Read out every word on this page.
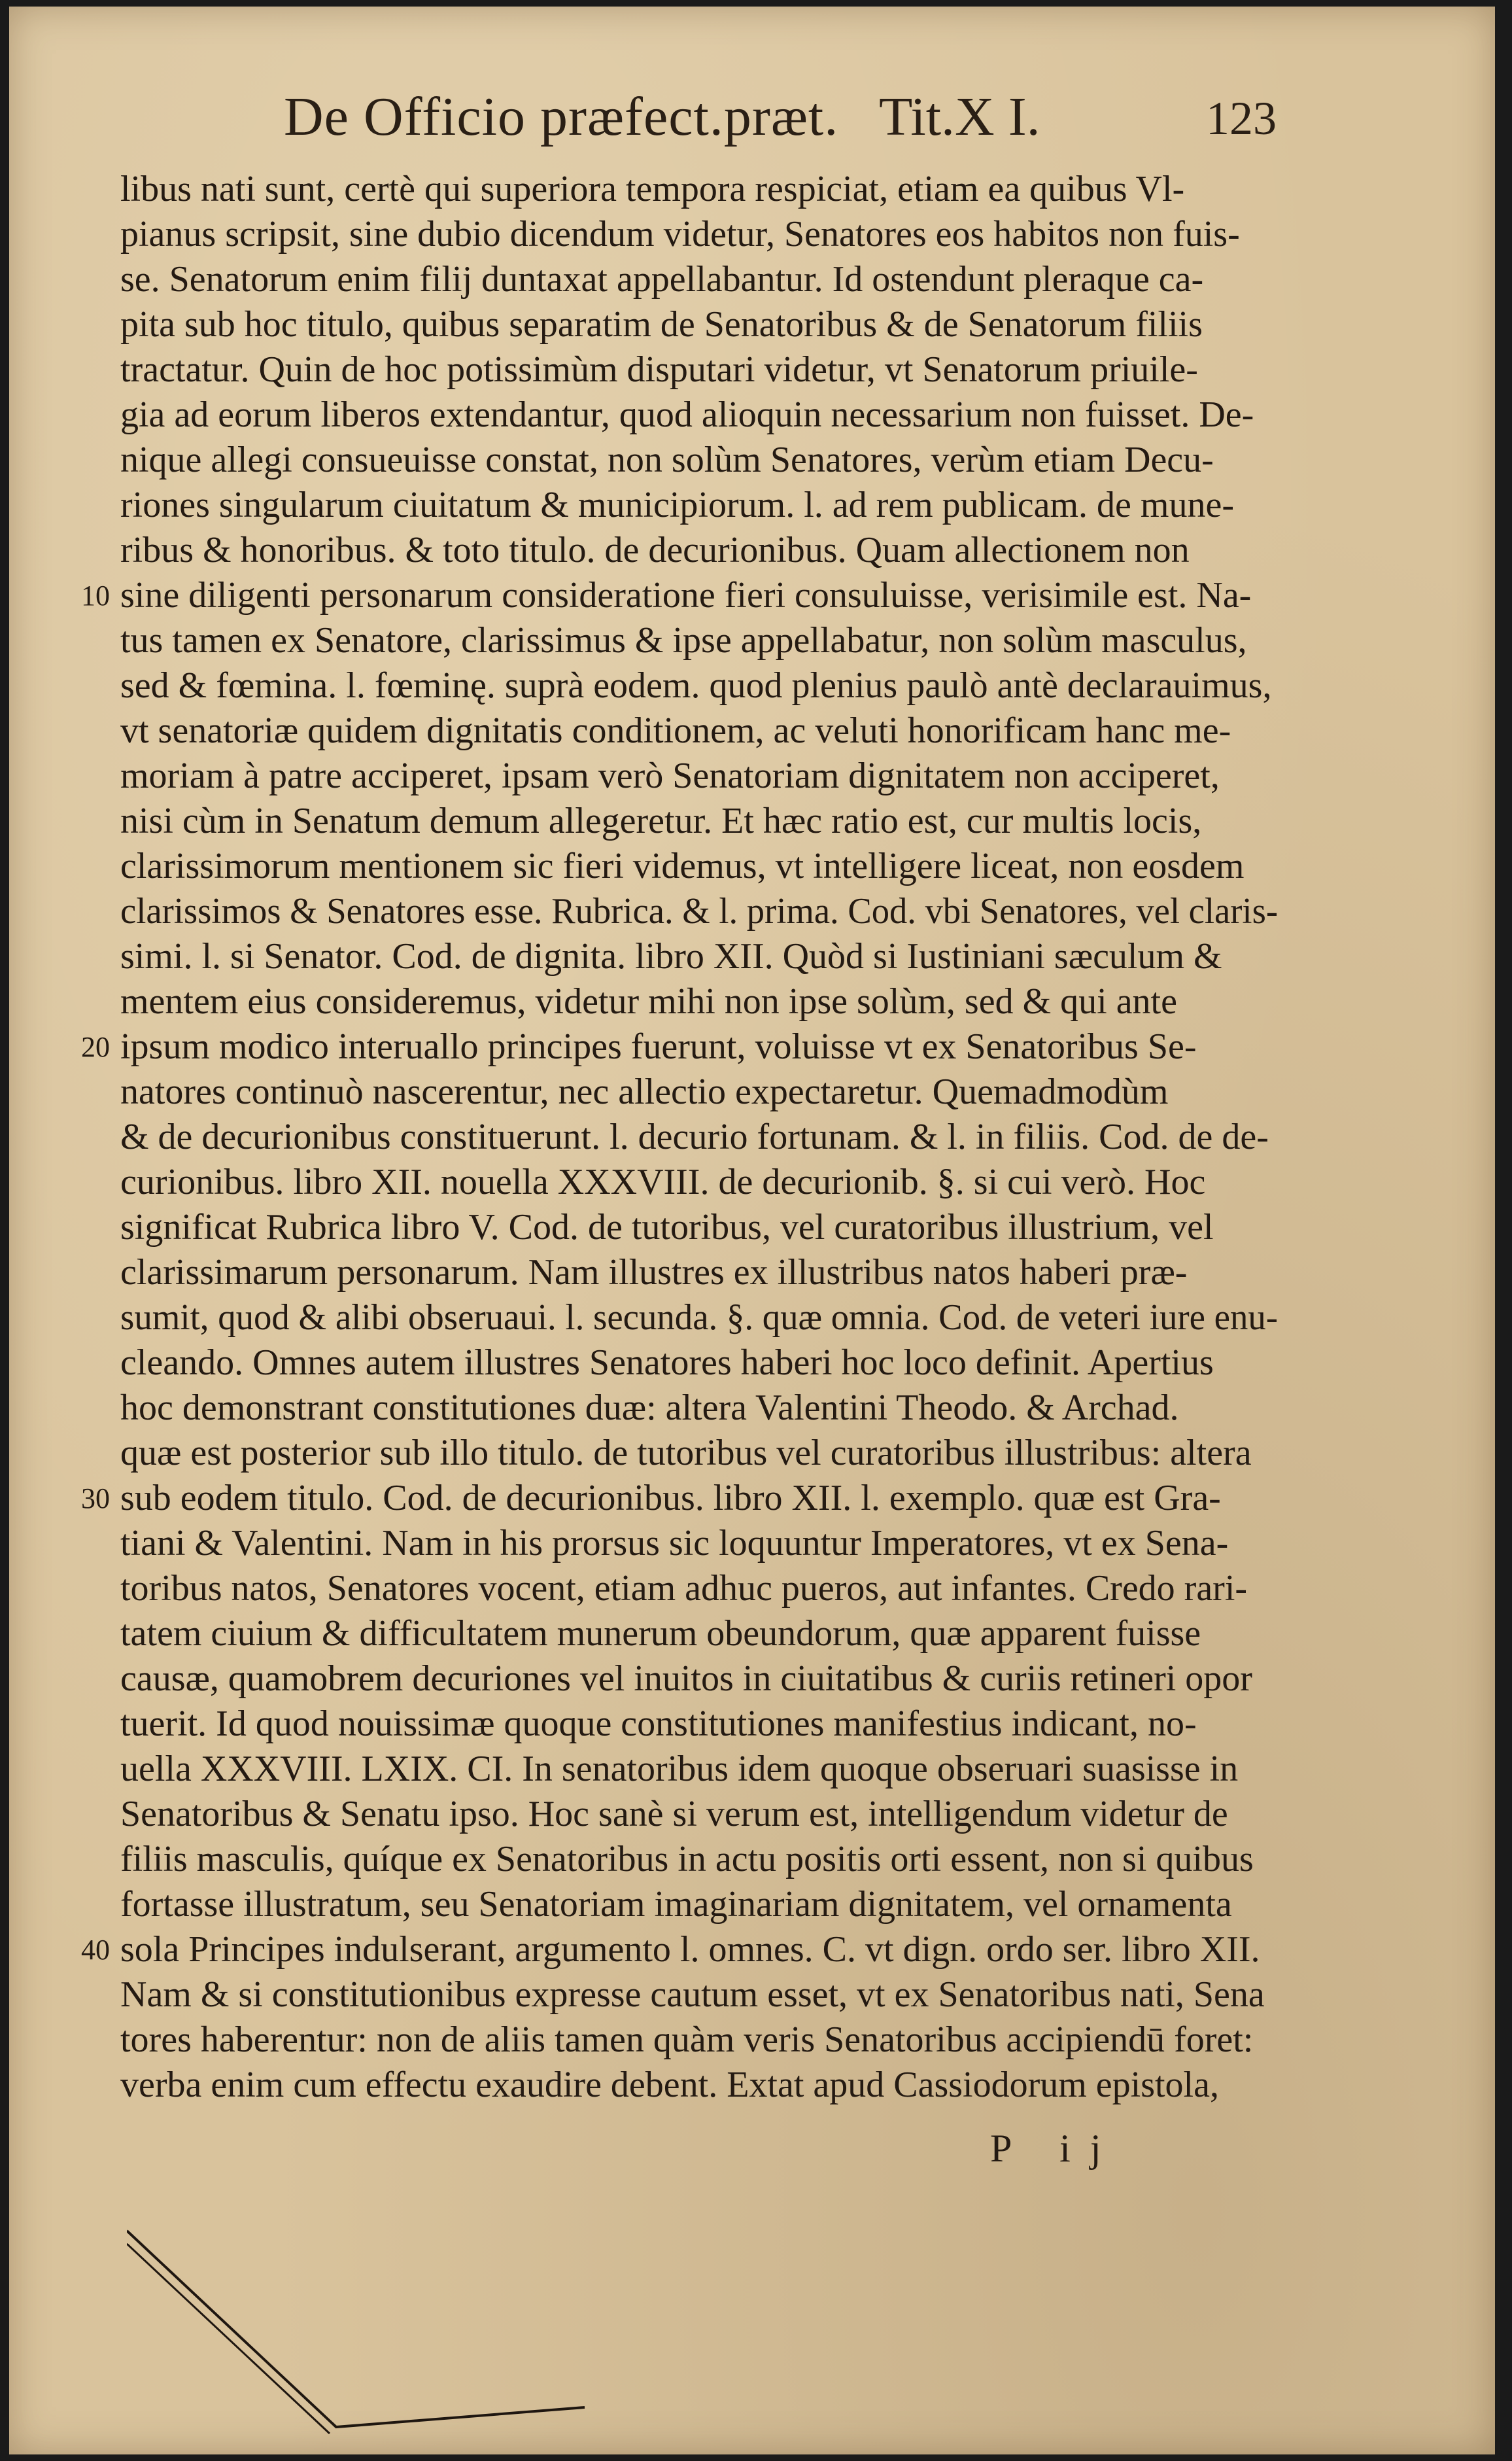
De Officio præfect.præt. Tit.X I.	123
libus nati sunt, certè qui superiora tempora respiciat, etiam ea quibus Vl-
pianus scripsit, sine dubio dicendum videtur, Senatores eos habitos non fuis-
se. Senatorum enim filij duntaxat appellabantur. Id ostendunt pleraque ca-
pita sub hoc titulo, quibus separatim de Senatoribus & de Senatorum filiis
tractatur. Quin de hoc potissimùm disputari videtur, vt Senatorum priuile-
gia ad eorum liberos extendantur, quod alioquin necessarium non fuisset. De-
nique allegi consueuisse constat, non solùm Senatores, verùm etiam Decu-
riones singularum ciuitatum & municipiorum. l. ad rem publicam. de mune-
ribus & honoribus. & toto titulo. de decurionibus. Quam allectionem non
10 sine diligenti personarum consideratione fieri consuluisse, verisimile est. Na-
tus tamen ex Senatore, clarissimus & ipse appellabatur, non solùm masculus,
sed & fœmina. l. fœminę. suprà eodem. quod plenius paulò antè declarauimus,
vt senatoriæ quidem dignitatis conditionem, ac veluti honorificam hanc me-
moriam à patre acciperet, ipsam verò Senatoriam dignitatem non acciperet,
nisi cùm in Senatum demum allegeretur. Et hæc ratio est, cur multis locis,
clarissimorum mentionem sic fieri videmus, vt intelligere liceat, non eosdem
clarissimos & Senatores esse. Rubrica. & l. prima. Cod. vbi Senatores, vel claris-
simi. l. si Senator. Cod. de dignita. libro XII. Quòd si Iustiniani sæculum &
mentem eius consideremus, videtur mihi non ipse solùm, sed & qui ante
20 ipsum modico interuallo principes fuerunt, voluisse vt ex Senatoribus Se-
natores continuò nascerentur, nec allectio expectaretur. Quemadmodùm
& de decurionibus constituerunt. l. decurio fortunam. & l. in filiis. Cod. de de-
curionibus. libro XII. nouella XXXVIII. de decurionib. §. si cui verò. Hoc
significat Rubrica libro V. Cod. de tutoribus, vel curatoribus illustrium, vel
clarissimarum personarum. Nam illustres ex illustribus natos haberi præ-
sumit, quod & alibi obseruaui. l. secunda. §. quæ omnia. Cod. de veteri iure enu-
cleando. Omnes autem illustres Senatores haberi hoc loco definit. Apertius
hoc demonstrant constitutiones duæ: altera Valentini Theodo. & Archad.
quæ est posterior sub illo titulo. de tutoribus vel curatoribus illustribus: altera
30 sub eodem titulo. Cod. de decurionibus. libro XII. l. exemplo. quæ est Gra-
tiani & Valentini. Nam in his prorsus sic loquuntur Imperatores, vt ex Sena-
toribus natos, Senatores vocent, etiam adhuc pueros, aut infantes. Credo rari-
tatem ciuium & difficultatem munerum obeundorum, quæ apparent fuisse
causæ, quamobrem decuriones vel inuitos in ciuitatibus & curiis retineri opor
tuerit. Id quod nouissimæ quoque constitutiones manifestius indicant, no-
uella XXXVIII. LXIX. CI. In senatoribus idem quoque obseruari suasisse in
Senatoribus & Senatu ipso. Hoc sanè si verum est, intelligendum videtur de
filiis masculis, quíque ex Senatoribus in actu positis orti essent, non si quibus
fortasse illustratum, seu Senatoriam imaginariam dignitatem, vel ornamenta
40 sola Principes indulserant, argumento l. omnes. C. vt dign. ordo ser. libro XII.
Nam & si constitutionibus expresse cautum esset, vt ex Senatoribus nati, Sena
tores haberentur: non de aliis tamen quàm veris Senatoribus accipiendū foret:
verba enim cum effectu exaudire debent. Extat apud Cassiodorum epistola,
P ij
